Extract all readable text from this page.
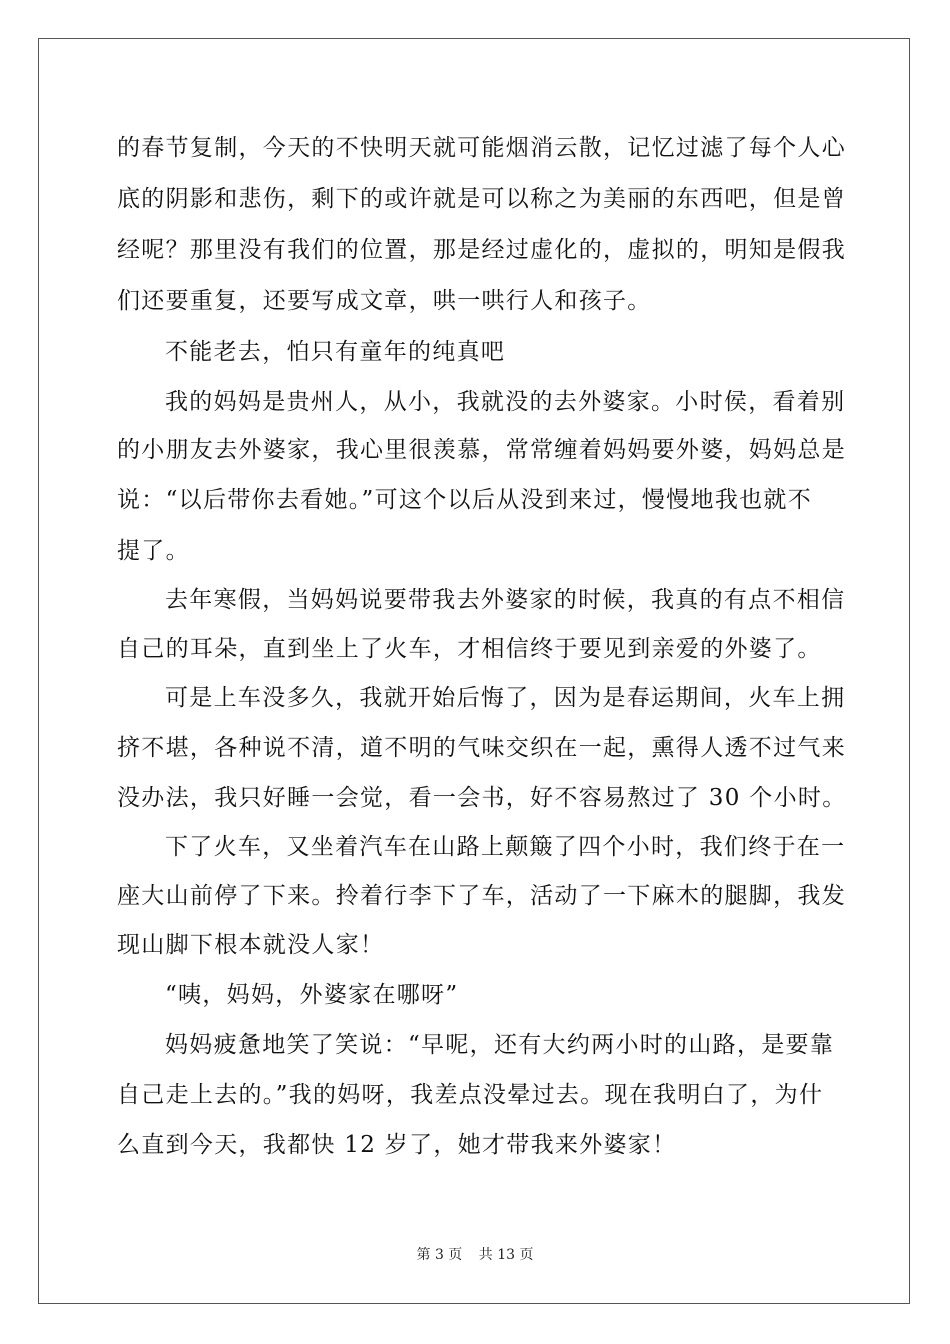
的春节复制，今天的不快明天就可能烟消云散，记忆过滤了每个人心
底的阴影和悲伤，剩下的或许就是可以称之为美丽的东西吧，但是曾
经呢？那里没有我们的位置，那是经过虚化的，虚拟的，明知是假我
们还要重复，还要写成文章，哄一哄行人和孩子。
不能老去，怕只有童年的纯真吧
我的妈妈是贵州人，从小，我就没的去外婆家。小时侯，看着别
的小朋友去外婆家，我心里很羡慕，常常缠着妈妈要外婆，妈妈总是
说：“以后带你去看她。”可这个以后从没到来过，慢慢地我也就不
提了。
去年寒假，当妈妈说要带我去外婆家的时候，我真的有点不相信
自己的耳朵，直到坐上了火车，才相信终于要见到亲爱的外婆了。
可是上车没多久，我就开始后悔了，因为是春运期间，火车上拥
挤不堪，各种说不清，道不明的气味交织在一起，熏得人透不过气来
没办法，我只好睡一会觉，看一会书，好不容易熬过了 30 个小时。
下了火车，又坐着汽车在山路上颠簸了四个小时，我们终于在一
座大山前停了下来。拎着行李下了车，活动了一下麻木的腿脚，我发
现山脚下根本就没人家！
“咦，妈妈，外婆家在哪呀”
妈妈疲惫地笑了笑说：“早呢，还有大约两小时的山路，是要靠
自己走上去的。”我的妈呀，我差点没晕过去。现在我明白了，为什
么直到今天，我都快 12 岁了，她才带我来外婆家！
第 3 页 共 13 页
